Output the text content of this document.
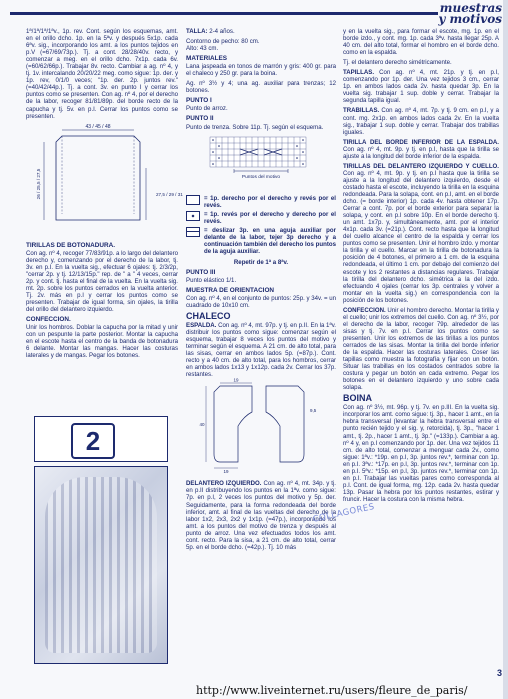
muestras
y motivos

1ª/1ª/1ª/1ªv., 1p. rev. Cont. según los esquemas, amt. en el orillo dcho. 1p. en la 5ªv. y después 5x1p. cada 6ªv. sig., incorporando los amt. a los puntos tejidos en p.V (=67/69/73p.). Tj. a cont. 28/28/40v. recto, y comenzar a meg. en el orillo dcho. 7x1p. cada 6v. (=60/62/66p.). Trabajar 8v. recto. Cambiar a ag. nº 4, y tj. 1v. intercalando 20/20/22 meg. como sigue: 1p. der. y 1p. rev, 0/1/0 veces; "1p. der. 2p. juntos rev." (=40/42/44p.). Tj. a cont. 3v. en punto I y cerrar los puntos como se presenten. Con ag. nº 4, por el derecho de la labor, recoger 81/81/89p. del borde recto de la capucha y tj. 5v. en p.I. Cerrar los puntos como se presenten.

43 / 45 / 48
26 / 25,5 / 27,5	27,5 / 29 / 31
TIRILLAS DE BOTONADURA.

Con ag. nº 4, recoger 77/83/91p. a lo largo del delantero derecho y, comenzando por el derecho de la labor, tj. 3v. en p.I. En la vuelta sig., efectuar 6 ojales: tj. 2/3/2p, "cerrar 2p. y tj. 12/13/15p." rep. de " a " 4 veces, cerrar 2p. y cont. tj. hasta el final de la vuelta. En la vuelta sig. mt. 2p. sobre los puntos cerrados en la vuelta anterior. Tj. 2v. más en p.I y cerrar los puntos como se presenten. Trabajar de igual forma, sin ojales, la tirilla del orillo del delantero izquierdo.

CONFECCION.

Unir los hombros. Doblar la capucha por la mitad y unir con un pespunte la parte posterior. Montar la capucha en el escote hasta el centro de la banda de botonadura 6 delante. Montar las mangas. Hacer las costuras laterales y de mangas. Pegar los botones.

2

TALLA: 2-4 años.

Contorno de pecho: 80 cm.

Alto: 43 cm.

MATERIALES

Lana jaspeada en tonos de marrón y gris: 400 gr. para el chaleco y 250 gr. para la boina.

Ag. nº 3½ y 4; una ag. auxiliar para trenzas; 12 botones.

PUNTO I

Punto de arroz.

PUNTO II

Punto de trenza. Sobre 11p. Tj. según el esquema.

Puntos del motivo
= 1p. derecho por el derecho y revés por el revés.
= 1p. revés por el derecho y derecho por el revés.
= deslizar 3p. en una aguja auxiliar por delante de la labor, tejer 3p derecho y a continuación también del derecho los puntos de la aguja auxiliar.

Repetir de 1ª a 8ªv.

PUNTO III

Punto elástico 1/1.

MUESTRA DE ORIENTACION

Con ag. nº 4, en el conjunto de puntos: 25p. y 34v. = un cuadrado de 10x10 cm.

CHALECO

ESPALDA. Con ag. nº 4, mt. 97p. y tj. en p.II. En la 1ªv. distribuir los puntos como sigue: comenzar según el esquema, trabajar 8 veces los puntos del motivo y terminar según el esquema. A 21 cm. de alto total, para las sisas, cerrar en ambos lados 5p. (=87p.). Cont. recto y a 40 cm. de alto total, para los hombros, cerrar en ambos lados 1x13 y 1x12p. cada 2v. Cerrar los 37p. restantes.

19
40
9,5
19

DELANTERO IZQUIERDO. Con ag. nº 4, mt. 34p. y tj. en p.II distribuyendo los puntos en la 1ªv. como sigue: 7p. en p.I, 2 veces los puntos del motivo y 5p. der. Seguidamente, para la forma redondeada del borde inferior, amt. al final de las vueltas del derecho de la labor 1x2, 2x3, 2x2 y 1x1p. (=47p.), incorporando los amt. a los puntos del motivo de trenza y después al punto de arroz. Una vez efectuados todos los amt. cont. recto. Para la sisa, a 21 cm. de alto total, cerrar 5p. en el borde dcho. (=42p.). Tj. 10 más

y en la vuelta sig., para formar el escote, mg. 1p. en el borde izdo., y cont. mg. 1p. cada 3ªv. hasta llegar 25p. A 40 cm. del alto total, formar el hombro en el borde dcho. como en la espalda.

Tj. el delantero derecho simétricamente.

TAPILLAS. Con ag. nº 4, mt. 21p. y tj. en p.I, comenzando por 1p. der. Una vez tejidos 3 cm., cerrar 1p. en ambos lados cada 2v. hasta quedar 3p. En la vuelta sig. trabajar 1 sup. doble y cerrar. Trabajar la segunda tapilla igual.

TRABILLAS. Con ag. nº 4, mt. 7p. y tj. 9 cm. en p.I, y a cont. mg. 2x1p. en ambos lados cada 2v. En la vuelta sig., trabajar 1 sup. doble y cerrar. Trabajar dos trabillas iguales.

TIRILLA DEL BORDE INFERIOR DE LA ESPALDA. Con ag. nº 4, mt. 9p. y tj. en p.I, hasta que la tirilla se ajuste a la longitud del borde inferior de la espalda.

TIRILLAS DEL DELANTERO IZQUIERDO Y CUELLO. Con ag. nº 4, mt. 9p. y tj. en p.I hasta que la tirilla se ajuste a la longitud del delantero izquierdo, desde el costado hasta el escote, incluyendo la tirilla en la esquina redondeada. Para la solapa, cont. en p.I, amt. en el borde dcho. (= borde interior) 1p. cada 4v. hasta obtener 17p. Cerrar a cont. 7p. por el borde exterior para separar la solapa, y cont. en p.I sobre 10p. En el borde derecho tj. un amt. 1x7p. y, simultáneamente, amt. por el interior 4x1p. cada 3v. (=21p.). Cont. recto hasta que la longitud del cuello alcance el centro de la espalda y cerrar los puntos como se presenten. Unir el hombro izdo. y montar la tirilla y el cuello. Marcar en la tirilla de botonadura la posición de 4 botones, el primero a 1 cm. de la esquina redondeada, el último 1 cm. por debajo del comienzo del escote y los 2 restantes a distancias regulares. Trabajar la tirilla del delantero dcho. simétrica a la del izdo. efectuando 4 ojales (cerrar los 3p. centrales y volver a montar en la vuelta sig.) en correspondencia con la posición de los botones.

CONFECCION. Unir el hombro derecho. Montar la tirilla y el cuello; unir los extremos del cuello. Con ag. nº 3½, por el derecho de la labor, recoger 79p. alrededor de las sisas y tj. 7v. en p.I. Cerrar los puntos como se presenten. Unir los extremos de las tirillas a los puntos cerrados de las sisas. Montar la tirilla del borde inferior de la espalda. Hacer las costuras laterales. Coser las tapillas como muestra la fotografía y fijar con un botón. Situar las trabillas en los costados centrados sobre la costura y pegar un botón en cada extremo. Pegar los botones en el delantero izquierdo y uno sobre cada solapa.

BOINA

Con ag. nº 3½, mt. 96p. y tj. 7v. en p.III. En la vuelta sig. incorporar los amt. como sigue: tj. 3p., hacer 1 amt., en la hebra transversal (levantar la hebra transversal entre el punto recién tejido y el sig. y, retorcida), tj. 3p., "hacer 1 amt., tj. 2p., hacer 1 amt., tj. 3p." (=133p.). Cambiar a ag. nº 4 y, en p.I comenzando por 1p. der. Una vez tejidos 11 cm. de alto total, comenzar a menguar cada 2v., como sigue: 1ªv.: *19p. en p.I, 3p. juntos rev.*, terminar con 1p. en p.I. 3ªv.: *17p. en p.I, 3p. juntos rev.*, terminar con 1p. en p.I. 5ªv.: *15p. en p.I, 3p. juntos rev.*, terminar con 1p. en p.I. Trabajar las vueltas pares como corresponda al p.I. Cont. de igual forma, mg. 12p. cada 2v. hasta quedar 13p. Pasar la hebra por los puntos restantes, estirar y fruncir. Hacer la costura con la misma hebra.

COLLAGORES
3
http://www.liveinternet.ru/users/fleure_de_paris/
